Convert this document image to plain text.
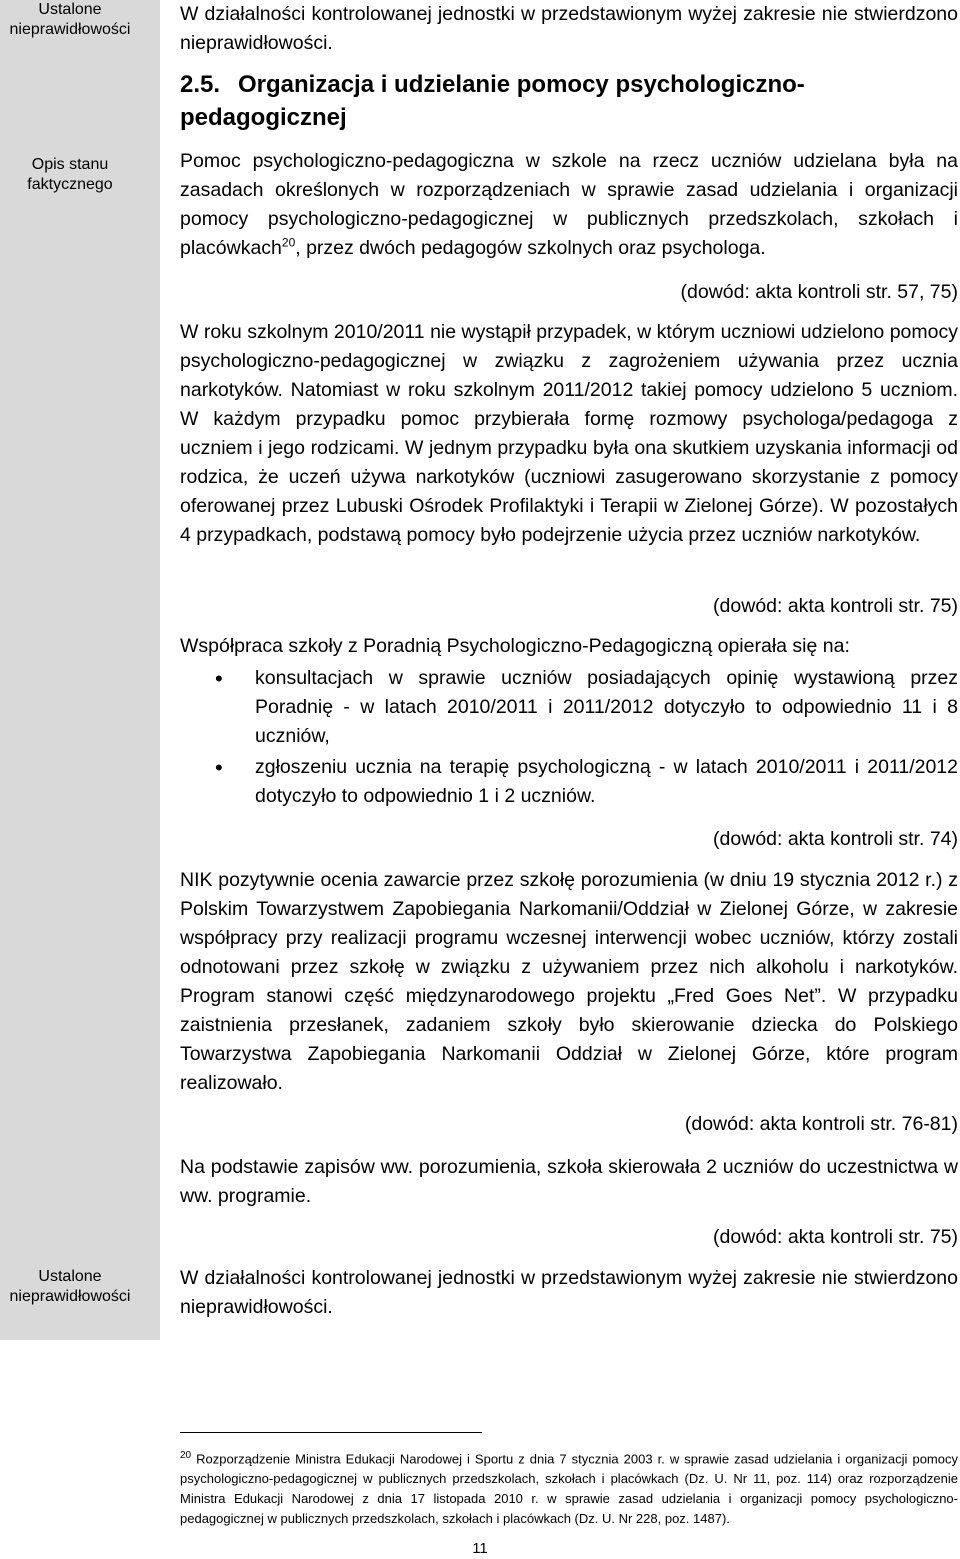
Ustalone nieprawidłowości
Opis stanu faktycznego
Ustalone nieprawidłowości
W działalności kontrolowanej jednostki w przedstawionym wyżej zakresie nie stwierdzono nieprawidłowości.
2.5. Organizacja i udzielanie pomocy psychologiczno-pedagogicznej
Pomoc psychologiczno-pedagogiczna w szkole na rzecz uczniów udzielana była na zasadach określonych w rozporządzeniach w sprawie zasad udzielania i organizacji pomocy psychologiczno-pedagogicznej w publicznych przedszkolach, szkołach i placówkach$^{20}$, przez dwóch pedagogów szkolnych oraz psychologa.
(dowód: akta kontroli str. 57, 75)
W roku szkolnym 2010/2011 nie wystąpił przypadek, w którym uczniowi udzielono pomocy psychologiczno-pedagogicznej w związku z zagrożeniem używania przez ucznia narkotyków. Natomiast w roku szkolnym 2011/2012 takiej pomocy udzielono 5 uczniom. W każdym przypadku pomoc przybierała formę rozmowy psychologa/pedagoga z uczniem i jego rodzicami. W jednym przypadku była ona skutkiem uzyskania informacji od rodzica, że uczeń używa narkotyków (uczniowi zasugerowano skorzystanie z pomocy oferowanej przez Lubuski Ośrodek Profilaktyki i Terapii w Zielonej Górze). W pozostałych 4 przypadkach, podstawą pomocy było podejrzenie użycia przez uczniów narkotyków.
(dowód: akta kontroli str. 75)
Współpraca szkoły z Poradnią Psychologiczno-Pedagogiczną opierała się na:
• konsultacjach w sprawie uczniów posiadających opinię wystawioną przez Poradnię - w latach 2010/2011 i 2011/2012 dotyczyło to odpowiednio 11 i 8 uczniów,
• zgłoszeniu ucznia na terapię psychologiczną - w latach 2010/2011 i 2011/2012 dotyczyło to odpowiednio 1 i 2 uczniów.
(dowód: akta kontroli str. 74)
NIK pozytywnie ocenia zawarcie przez szkołę porozumienia (w dniu 19 stycznia 2012 r.) z Polskim Towarzystwem Zapobiegania Narkomanii/Oddział w Zielonej Górze, w zakresie współpracy przy realizacji programu wczesnej interwencji wobec uczniów, którzy zostali odnotowani przez szkołę w związku z używaniem przez nich alkoholu i narkotyków. Program stanowi część międzynarodowego projektu „Fred Goes Net”. W przypadku zaistnienia przesłanek, zadaniem szkoły było skierowanie dziecka do Polskiego Towarzystwa Zapobiegania Narkomanii Oddział w Zielonej Górze, które program realizowało.
(dowód: akta kontroli str. 76-81)
Na podstawie zapisów ww. porozumienia, szkoła skierowała 2 uczniów do uczestnictwa w ww. programie.
(dowód: akta kontroli str. 75)
W działalności kontrolowanej jednostki w przedstawionym wyżej zakresie nie stwierdzono nieprawidłowości.
$^{20}$ Rozporządzenie Ministra Edukacji Narodowej i Sportu z dnia 7 stycznia 2003 r. w sprawie zasad udzielania i organizacji pomocy psychologiczno-pedagogicznej w publicznych przedszkolach, szkołach i placówkach (Dz. U. Nr 11, poz. 114) oraz rozporządzenie Ministra Edukacji Narodowej z dnia 17 listopada 2010 r. w sprawie zasad udzielania i organizacji pomocy psychologiczno-pedagogicznej w publicznych przedszkolach, szkołach i placówkach (Dz. U. Nr 228, poz. 1487).
11
